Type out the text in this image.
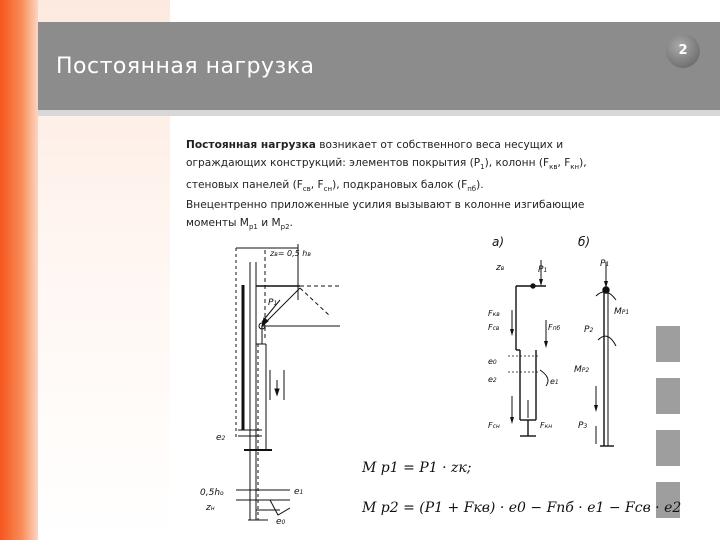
Постоянная нагрузка
2
Постоянная нагрузка возникает от собственного веса несущих и ограждающих конструкций: элементов покрытия $(P_1)$, колонн ($F_{кв}$, $F_{кн}$), стеновых панелей ($F_{св}$, $F_{сн}$), подкрановых балок $(F_{пб})$.
Внецентренно приложенные усилия вызывают в колонне изгибающие моменты $M_{р1}$ и $M_{р2}$.
zв= 0,5 hв
P1
e2
0,5hо
zн
e1
e0
a)
zв	P1
Fкв
Fсв	Fпб
e0
e2	e1
Fсн	Fкн
б)
P1
MP1
P2
MP2
P3
M р1 = P1 · zк;
M р2 = (P1 + Fкв) · e0 − Fпб · e1 − Fсв · e2
